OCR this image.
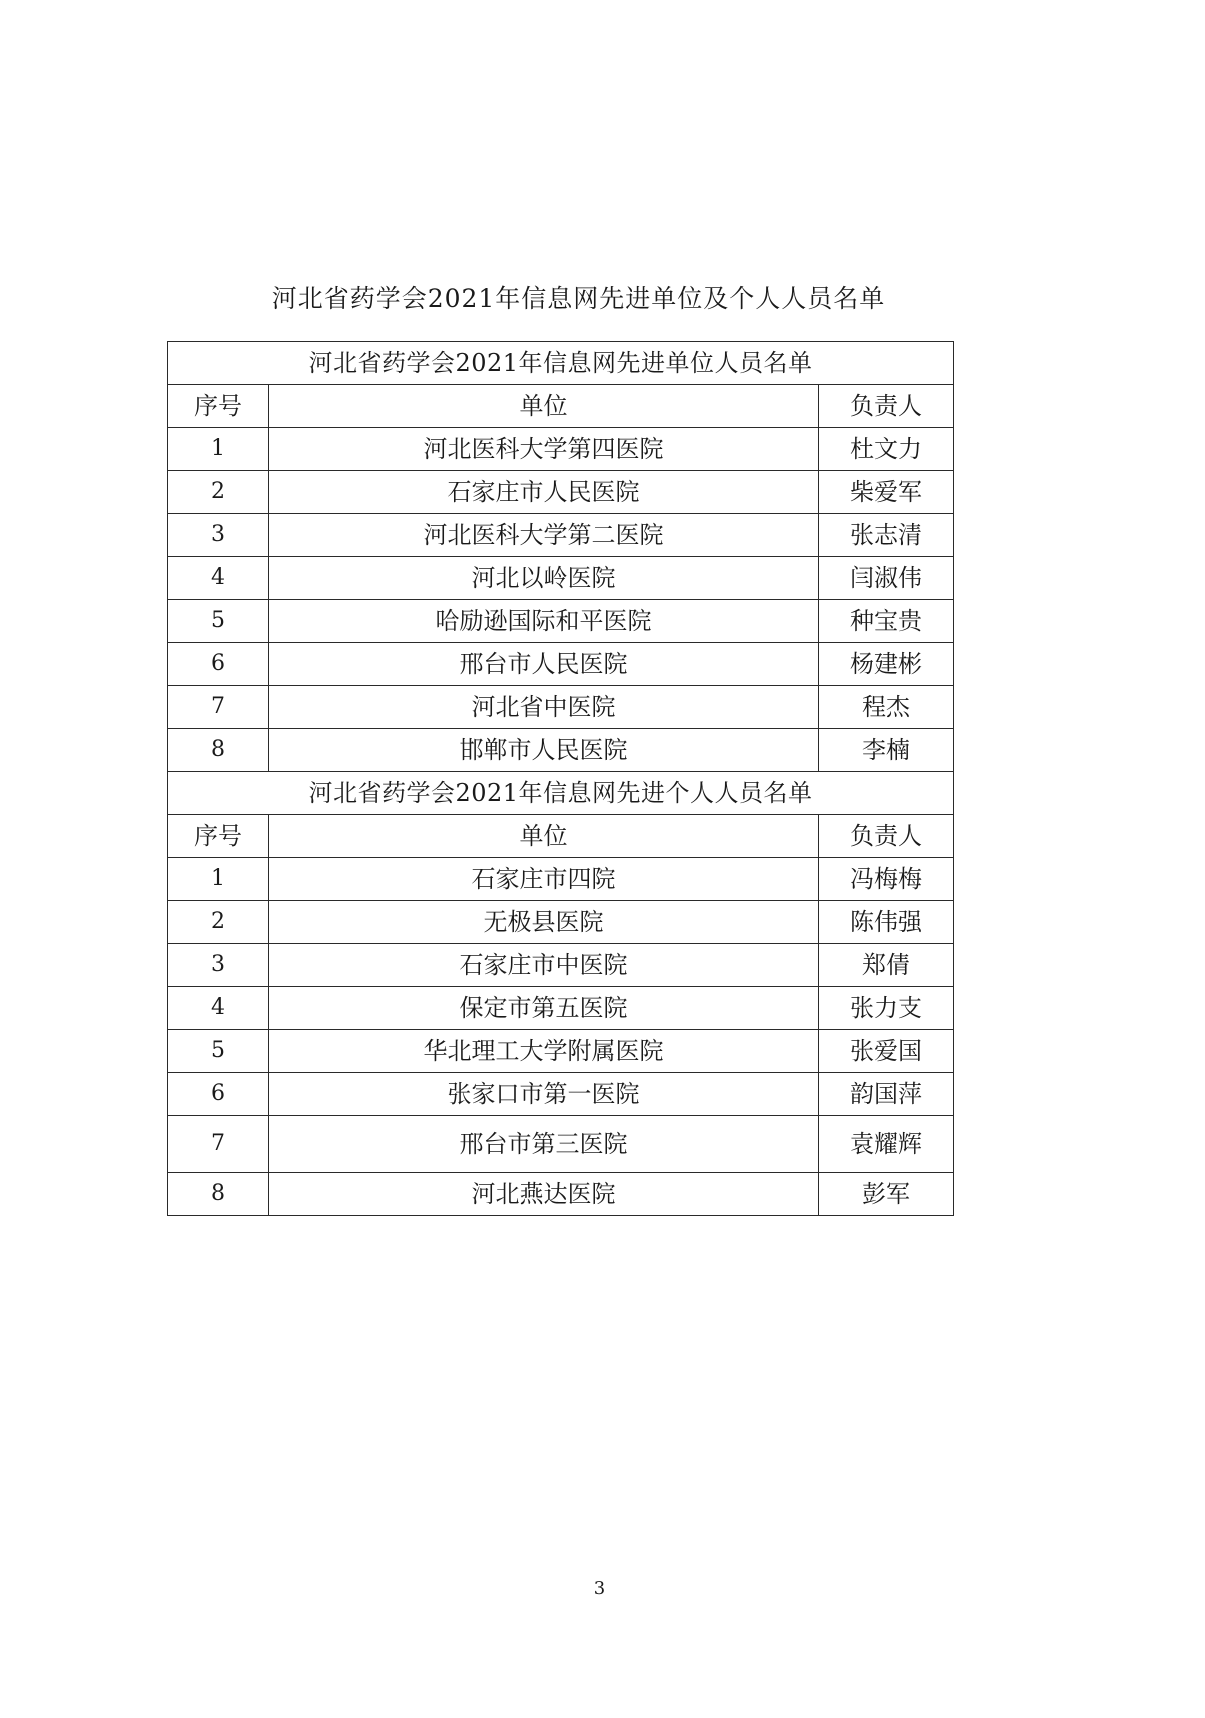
河北省药学会2021年信息网先进单位及个人人员名单
河北省药学会2021年信息网先进单位人员名单		
序号	单位	负责人
1	河北医科大学第四医院	杜文力
2	石家庄市人民医院	柴爱军
3	河北医科大学第二医院	张志清
4	河北以岭医院	闫淑伟
5	哈励逊国际和平医院	种宝贵
6	邢台市人民医院	杨建彬
7	河北省中医院	程杰
8	邯郸市人民医院	李楠
河北省药学会2021年信息网先进个人人员名单		
序号	单位	负责人
1	石家庄市四院	冯梅梅
2	无极县医院	陈伟强
3	石家庄市中医院	郑倩
4	保定市第五医院	张力支
5	华北理工大学附属医院	张爱国
6	张家口市第一医院	韵国萍
7	邢台市第三医院	袁耀辉
8	河北燕达医院	彭军
3
